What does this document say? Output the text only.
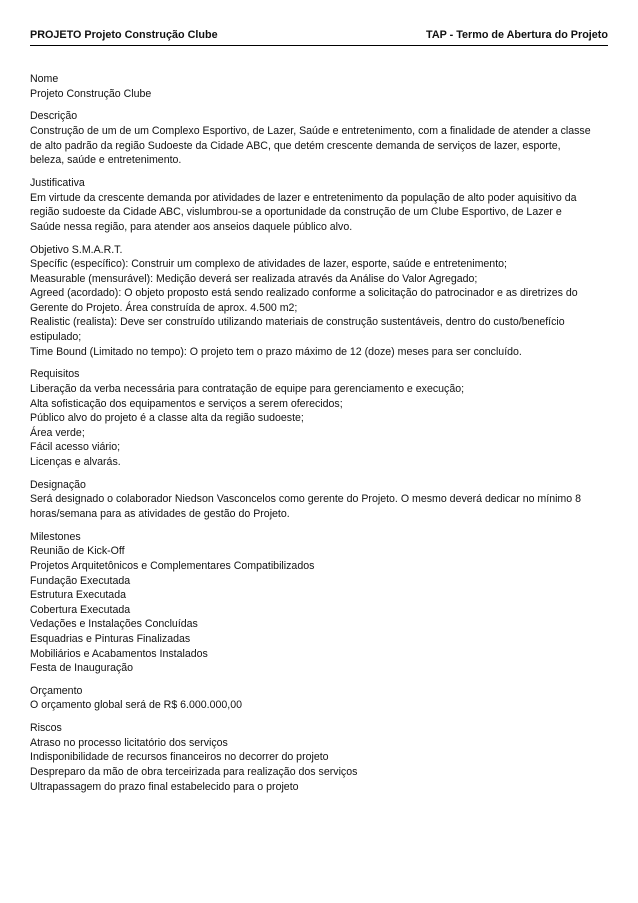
PROJETO Projeto Construção Clube	TAP - Termo de Abertura do Projeto
Nome
Projeto Construção Clube
Descrição
Construção de um de um Complexo Esportivo, de Lazer, Saúde e entretenimento, com a finalidade de atender a classe
de alto padrão da região Sudoeste da Cidade ABC, que detém crescente demanda de serviços de lazer, esporte,
beleza, saúde e entretenimento.
Justificativa
Em virtude da crescente demanda por atividades de lazer e entretenimento da população de alto poder aquisitivo da
região sudoeste da Cidade ABC, vislumbrou-se a oportunidade da construção de um Clube Esportivo, de Lazer e
Saúde nessa região, para atender aos anseios daquele público alvo.
Objetivo S.M.A.R.T.
Specífic (específico): Construir um complexo de atividades de lazer, esporte, saúde e entretenimento;
Measurable (mensurável): Medição deverá ser realizada através da Análise do Valor Agregado;
Agreed (acordado): O objeto proposto está sendo realizado conforme a solicitação do patrocinador e as diretrizes do
Gerente do Projeto. Área construída de aprox. 4.500 m2;
Realistic (realista): Deve ser construído utilizando materiais de construção sustentáveis, dentro do custo/benefício
estipulado;
Time Bound (Limitado no tempo): O projeto tem o prazo máximo de 12 (doze) meses para ser concluído.
Requisitos
Liberação da verba necessária para contratação de equipe para gerenciamento e execução;
Alta sofisticação dos equipamentos e serviços a serem oferecidos;
Público alvo do projeto é a classe alta da região sudoeste;
Área verde;
Fácil acesso viário;
Licenças e alvarás.
Designação
Será designado o colaborador Niedson Vasconcelos como gerente do Projeto. O mesmo deverá dedicar no mínimo 8
horas/semana para as atividades de gestão do Projeto.
Milestones
Reunião de Kick-Off
Projetos Arquitetônicos e Complementares Compatibilizados
Fundação Executada
Estrutura Executada
Cobertura Executada
Vedações e Instalações Concluídas
Esquadrias e Pinturas Finalizadas
Mobiliários e Acabamentos Instalados
Festa de Inauguração
Orçamento
O orçamento global será de R$ 6.000.000,00
Riscos
Atraso no processo licitatório dos serviços
Indisponibilidade de recursos financeiros no decorrer do projeto
Despreparo da mão de obra terceirizada para realização dos serviços
Ultrapassagem do prazo final estabelecido para o projeto
